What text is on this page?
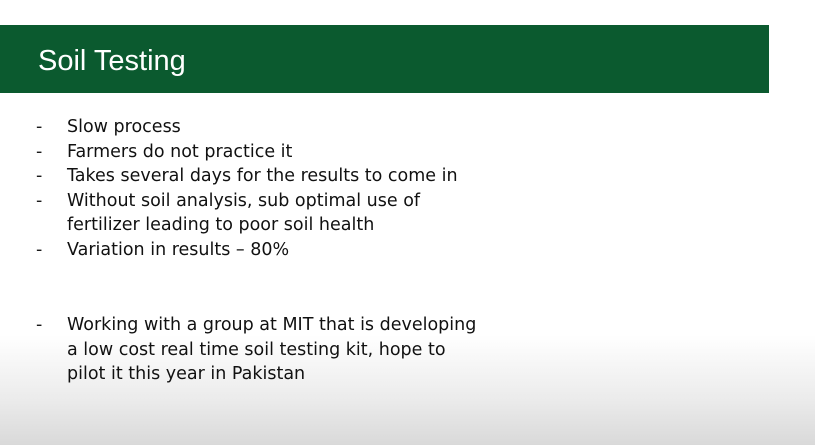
Soil Testing
-	Slow process
-	Farmers do not practice it
-	Takes several days for the results to come in
-	Without soil analysis, sub optimal use of
fertilizer leading to poor soil health
-	Variation in results – 80%
-	Working with a group at MIT that is developing
a low cost real time soil testing kit, hope to
pilot it this year in Pakistan
